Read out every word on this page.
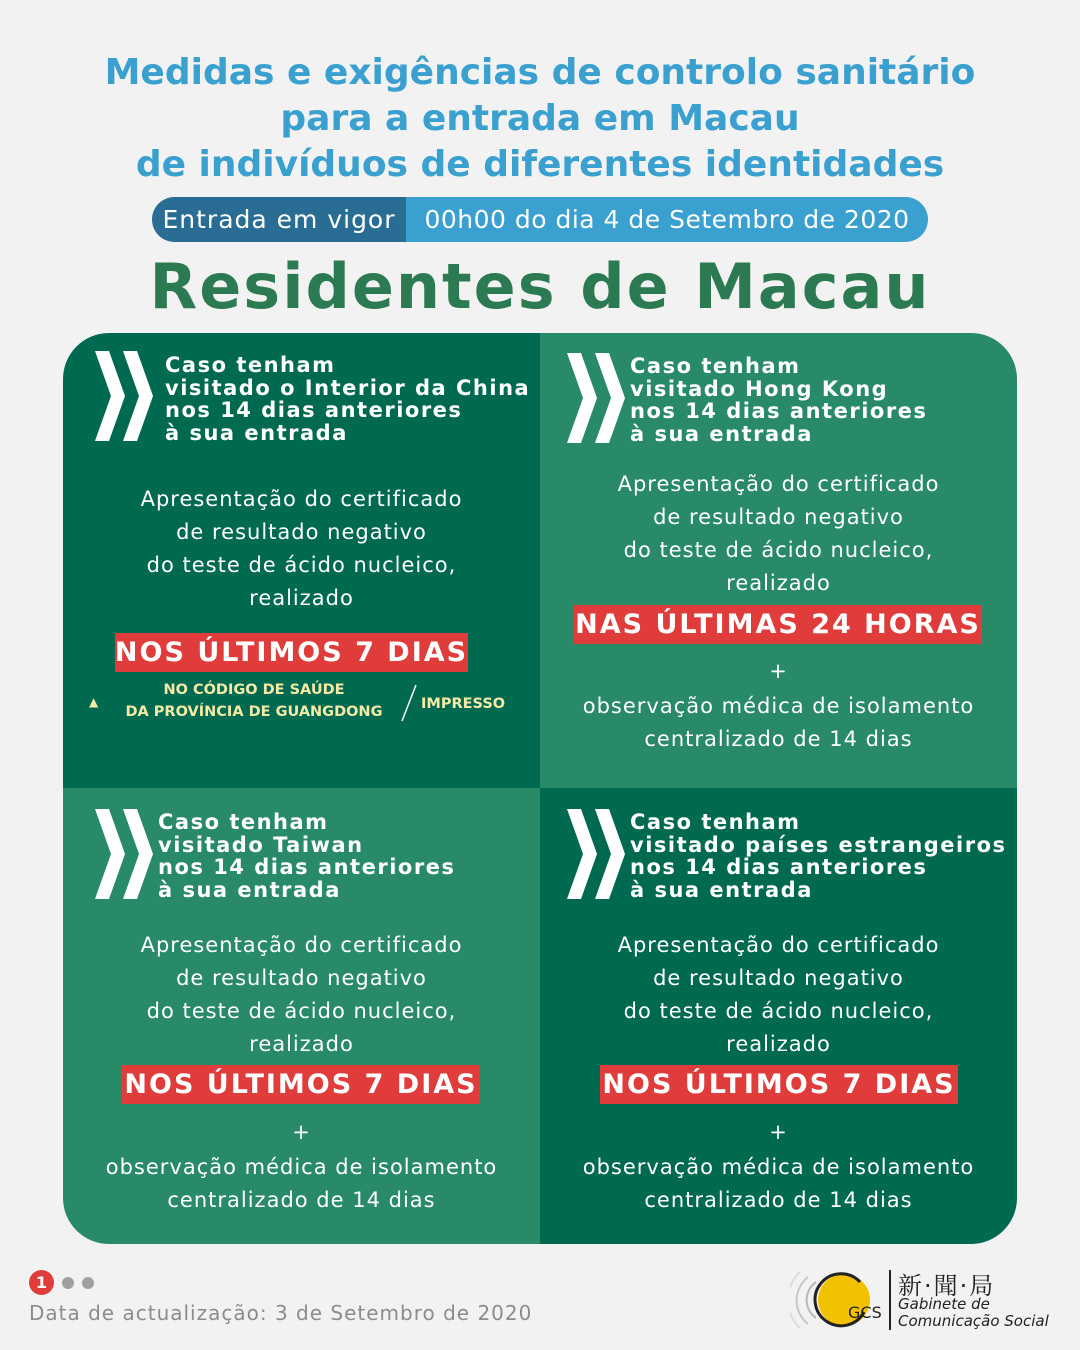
Medidas e exigências de controlo sanitário
para a entrada em Macau
de indivíduos de diferentes identidades
Entrada em vigor	00h00 do dia 4 de Setembro de 2020
Residentes de Macau
Caso tenham
visitado o Interior da China
nos 14 dias anteriores
à sua entrada
Apresentação do certificado
de resultado negativo
do teste de ácido nucleico,
realizado
NOS ÚLTIMOS 7 DIAS
▲
NO CÓDIGO DE SAÚDE
DA PROVÍNCIA DE GUANGDONG	IMPRESSO
Caso tenham
visitado Hong Kong
nos 14 dias anteriores
à sua entrada
Apresentação do certificado
de resultado negativo
do teste de ácido nucleico,
realizado
NAS ÚLTIMAS 24 HORAS
+
observação médica de isolamento
centralizado de 14 dias
Caso tenham
visitado Taiwan
nos 14 dias anteriores
à sua entrada
Apresentação do certificado
de resultado negativo
do teste de ácido nucleico,
realizado
NOS ÚLTIMOS 7 DIAS
+
observação médica de isolamento
centralizado de 14 dias
Caso tenham
visitado países estrangeiros
nos 14 dias anteriores
à sua entrada
Apresentação do certificado
de resultado negativo
do teste de ácido nucleico,
realizado
NOS ÚLTIMOS 7 DIAS
+
observação médica de isolamento
centralizado de 14 dias
1
Data de actualização: 3 de Setembro de 2020	GCS
新·聞·局
Gabinete de
Comunicação Social
